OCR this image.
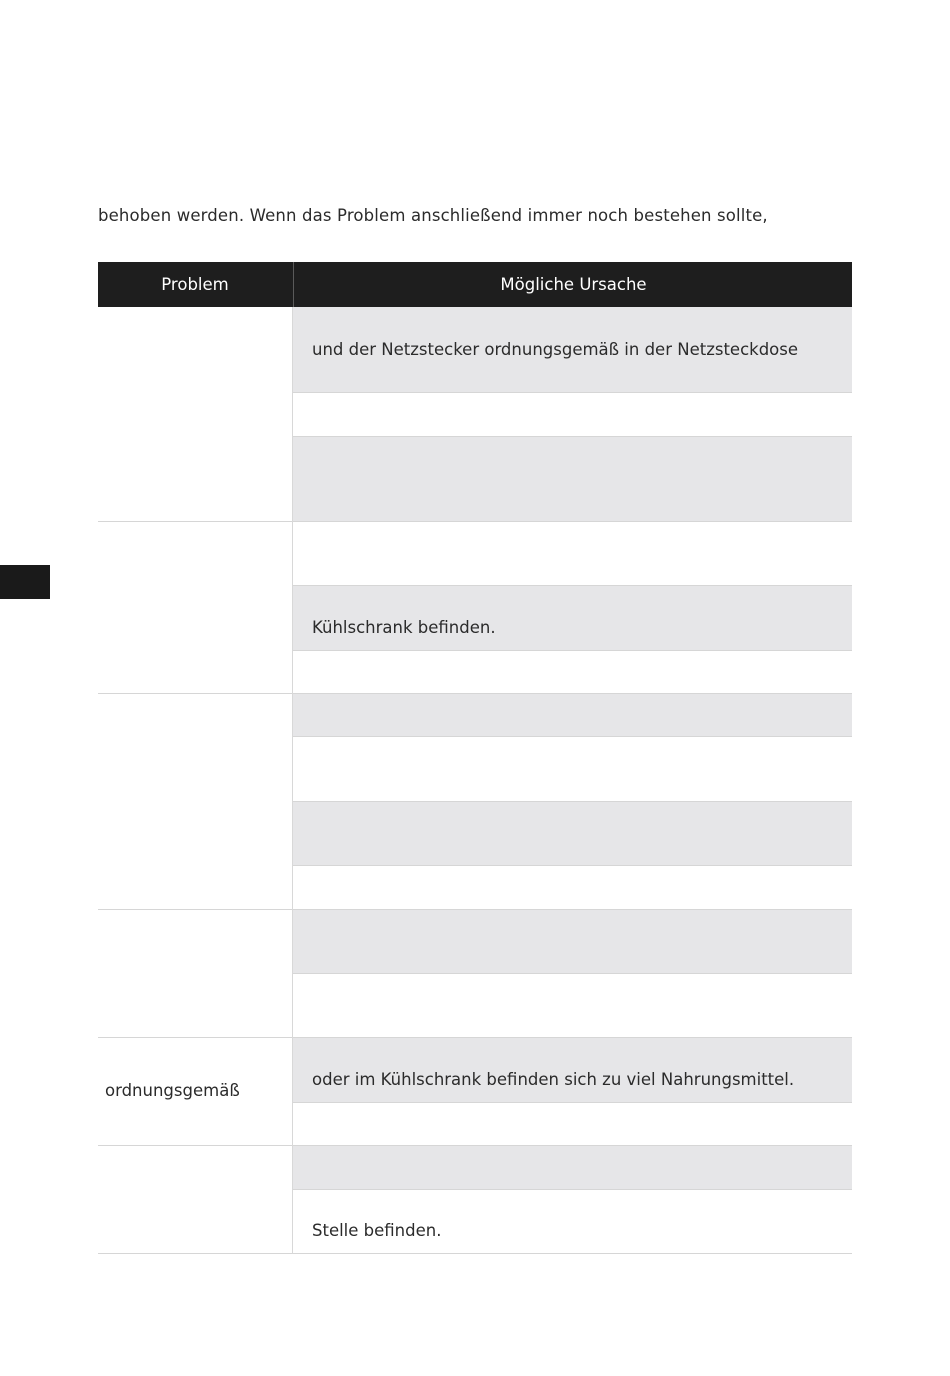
behoben werden. Wenn das Problem anschließend immer noch bestehen sollte,
Problem	Mögliche Ursache
ordnungsgemäß
und der Netzstecker ordnungsgemäß in der Netzsteckdose
Kühlschrank befinden.
oder im Kühlschrank befinden sich zu viel Nahrungsmittel.
Stelle befinden.
